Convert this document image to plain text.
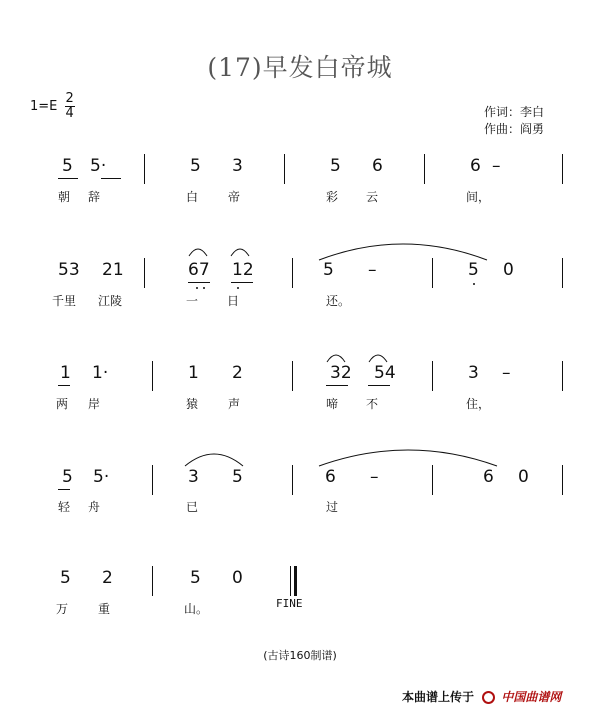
(17)早发白帝城
$1=E \frac{2}{4}$	作词：李白
作曲：阎勇
5 5·
朝 辞
5 3
白 帝
5 6
彩 云
6 –
间，
53 21
千里 江陵
67 12
一 日
5 –
还。
5 0
1 1·
两 岸
1 2
猿 声
32 54
啼 不
3 –
住，
5 5·
轻 舟
3 5
已
6 –
过
6 0
5 2
万 重
5 0
山。	FINE
(古诗160制谱)
本曲谱上传于 中国曲谱网
